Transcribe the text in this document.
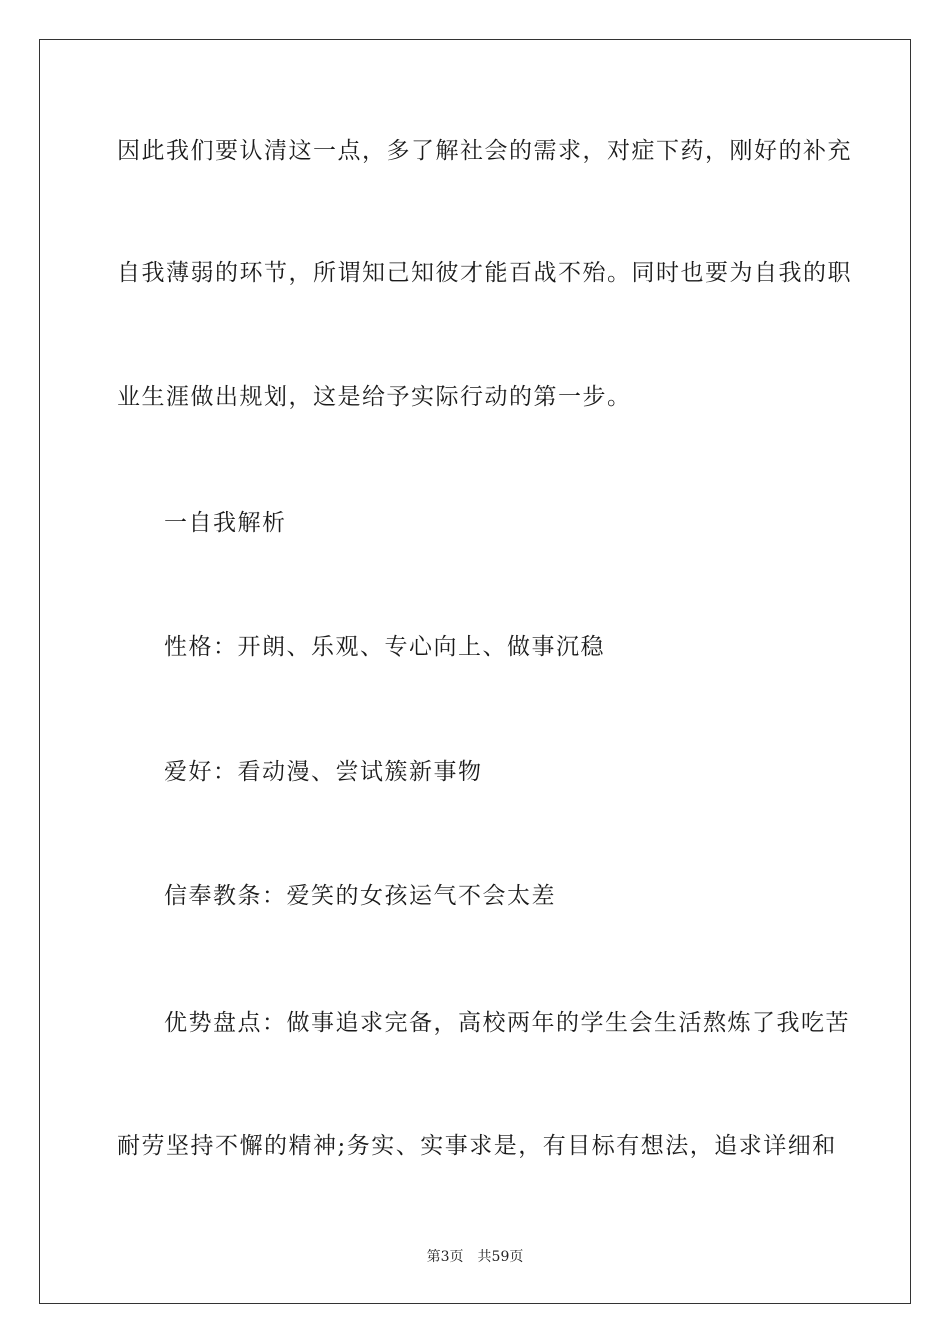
因此我们要认清这一点，多了解社会的需求，对症下药，刚好的补充
自我薄弱的环节，所谓知己知彼才能百战不殆。同时也要为自我的职
业生涯做出规划，这是给予实际行动的第一步。
一自我解析
性格：开朗、乐观、专心向上、做事沉稳
爱好：看动漫、尝试簇新事物
信奉教条：爱笑的女孩运气不会太差
优势盘点：做事追求完备，高校两年的学生会生活熬炼了我吃苦
耐劳坚持不懈的精神;务实、实事求是，有目标有想法，追求详细和
第3页 共59页
